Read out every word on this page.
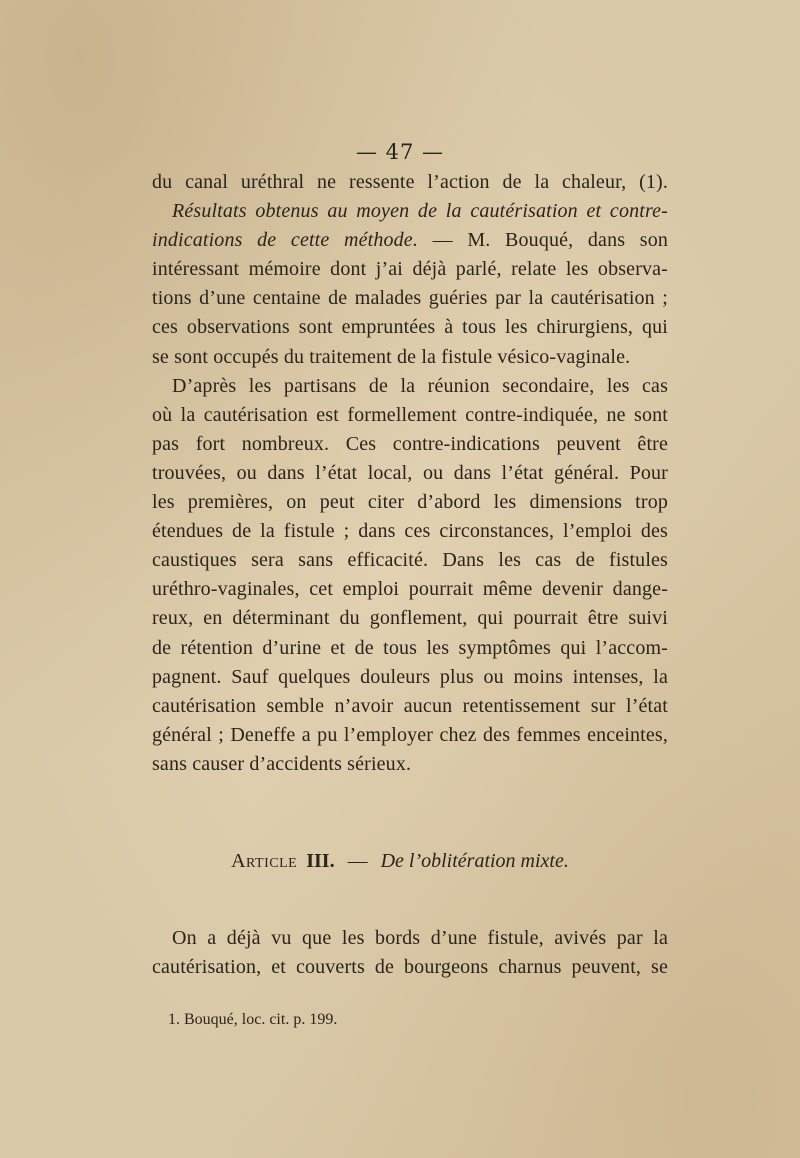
— 47 —
du canal uréthral ne ressente l’action de la chaleur, (1).
Résultats obtenus au moyen de la cautérisation et contre-
indications de cette méthode. — M. Bouqué, dans son
intéressant mémoire dont j’ai déjà parlé, relate les observa-
tions d’une centaine de malades guéries par la cautérisation ;
ces observations sont empruntées à tous les chirurgiens, qui
se sont occupés du traitement de la fistule vésico-vaginale.
D’après les partisans de la réunion secondaire, les cas
où la cautérisation est formellement contre-indiquée, ne sont
pas fort nombreux. Ces contre-indications peuvent être
trouvées, ou dans l’état local, ou dans l’état général. Pour
les premières, on peut citer d’abord les dimensions trop
étendues de la fistule ; dans ces circonstances, l’emploi des
caustiques sera sans efficacité. Dans les cas de fistules
uréthro-vaginales, cet emploi pourrait même devenir dange-
reux, en déterminant du gonflement, qui pourrait être suivi
de rétention d’urine et de tous les symptômes qui l’accom-
pagnent. Sauf quelques douleurs plus ou moins intenses, la
cautérisation semble n’avoir aucun retentissement sur l’état
général ; Deneffe a pu l’employer chez des femmes enceintes,
sans causer d’accidents sérieux.
Article III. — De l’oblitération mixte.
On a déjà vu que les bords d’une fistule, avivés par la
cautérisation, et couverts de bourgeons charnus peuvent, se
1. Bouqué, loc. cit. p. 199.
